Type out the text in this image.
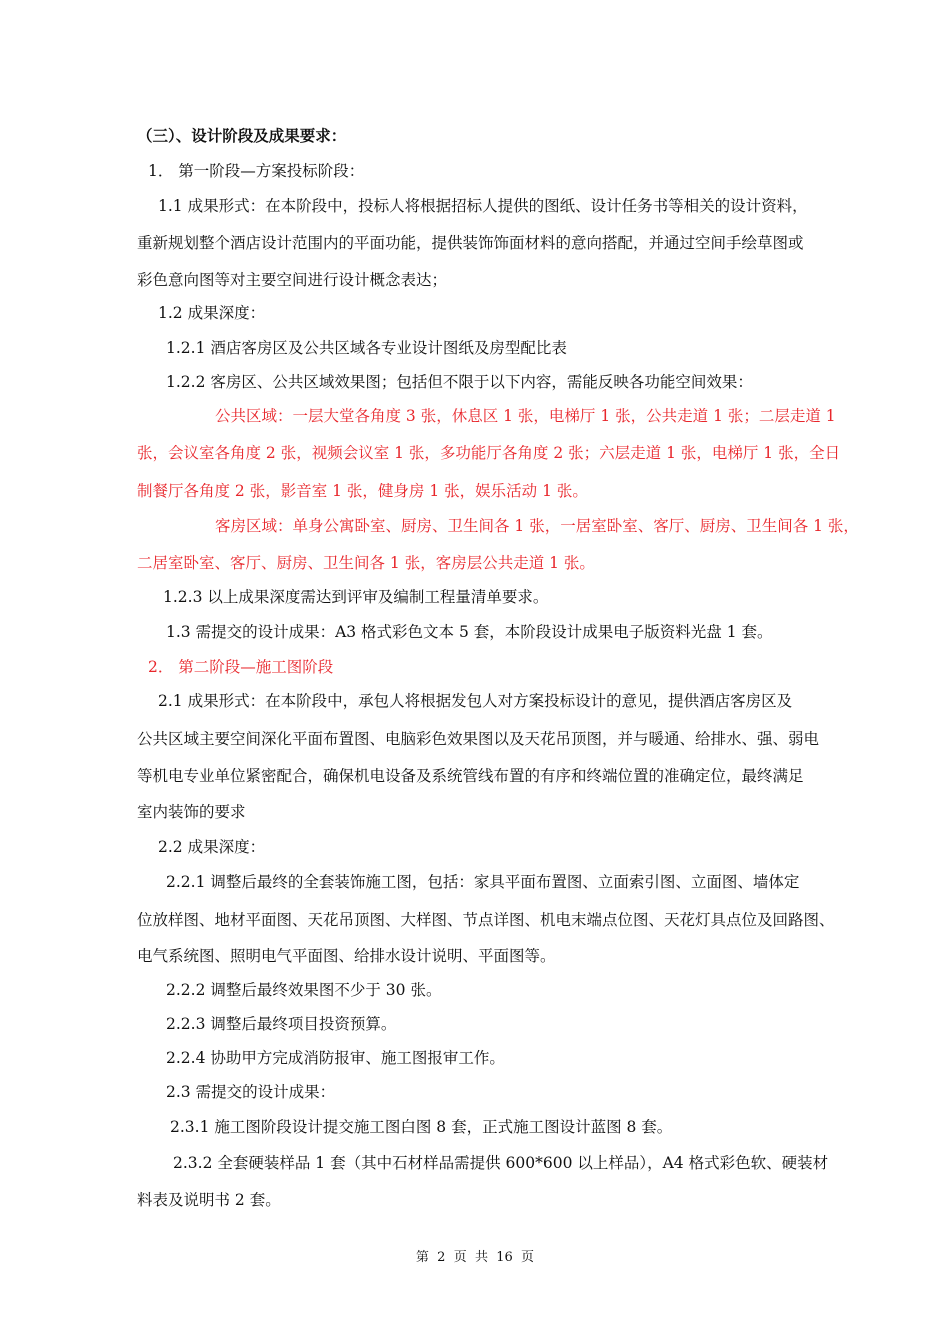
（三）、设计阶段及成果要求：
1． 第一阶段—方案投标阶段：
1.1 成果形式：在本阶段中，投标人将根据招标人提供的图纸、设计任务书等相关的设计资料，
重新规划整个酒店设计范围内的平面功能，提供装饰饰面材料的意向搭配，并通过空间手绘草图或
彩色意向图等对主要空间进行设计概念表达；
1.2 成果深度：
1.2.1 酒店客房区及公共区域各专业设计图纸及房型配比表
1.2.2 客房区、公共区域效果图；包括但不限于以下内容，需能反映各功能空间效果：
公共区域：一层大堂各角度 3 张，休息区 1 张，电梯厅 1 张，公共走道 1 张；二层走道 1
张，会议室各角度 2 张，视频会议室 1 张，多功能厅各角度 2 张；六层走道 1 张，电梯厅 1 张，全日
制餐厅各角度 2 张，影音室 1 张，健身房 1 张，娱乐活动 1 张。
客房区域：单身公寓卧室、厨房、卫生间各 1 张，一居室卧室、客厅、厨房、卫生间各 1 张，
二居室卧室、客厅、厨房、卫生间各 1 张，客房层公共走道 1 张。
1.2.3 以上成果深度需达到评审及编制工程量清单要求。
1.3 需提交的设计成果：A3 格式彩色文本 5 套，本阶段设计成果电子版资料光盘 1 套。
2． 第二阶段—施工图阶段
2.1 成果形式：在本阶段中，承包人将根据发包人对方案投标设计的意见，提供酒店客房区及
公共区域主要空间深化平面布置图、电脑彩色效果图以及天花吊顶图，并与暖通、给排水、强、弱电
等机电专业单位紧密配合，确保机电设备及系统管线布置的有序和终端位置的准确定位，最终满足
室内装饰的要求
2.2 成果深度：
2.2.1 调整后最终的全套装饰施工图，包括：家具平面布置图、立面索引图、立面图、墙体定
位放样图、地材平面图、天花吊顶图、大样图、节点详图、机电末端点位图、天花灯具点位及回路图、
电气系统图、照明电气平面图、给排水设计说明、平面图等。
2.2.2 调整后最终效果图不少于 30 张。
2.2.3 调整后最终项目投资预算。
2.2.4 协助甲方完成消防报审、施工图报审工作。
2.3 需提交的设计成果：
2.3.1 施工图阶段设计提交施工图白图 8 套，正式施工图设计蓝图 8 套。
2.3.2 全套硬装样品 1 套（其中石材样品需提供 600*600 以上样品），A4 格式彩色软、硬装材
料表及说明书 2 套。
第  2  页  共  16  页
